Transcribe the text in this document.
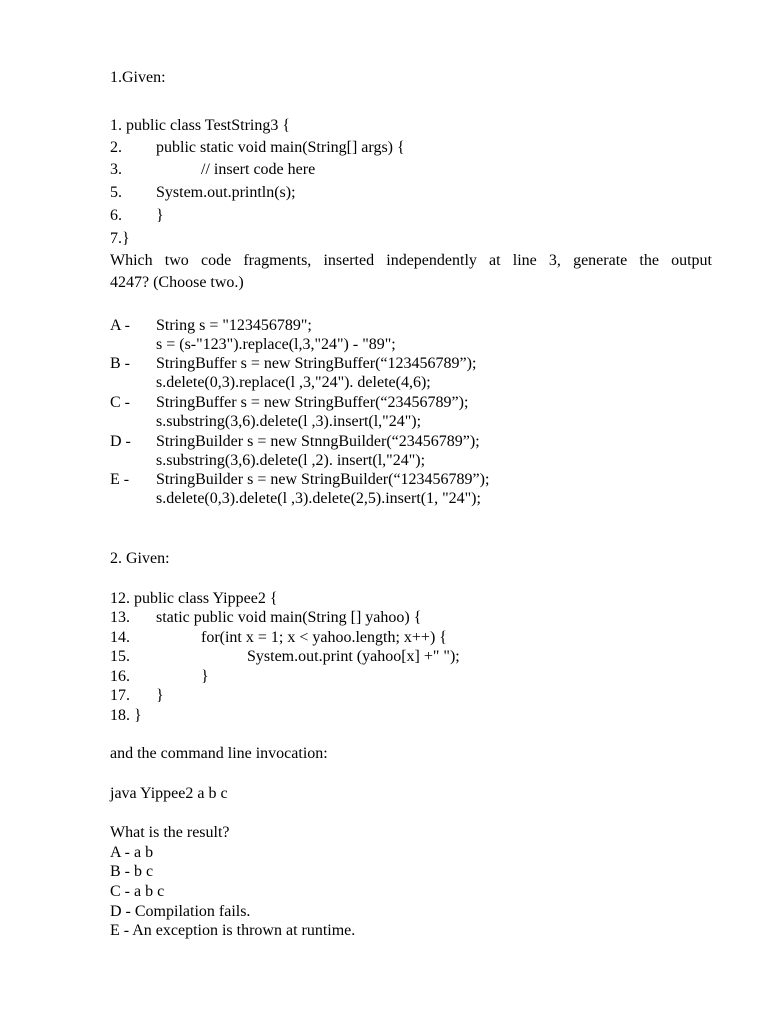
1.Given:
1. public class TestString3 {
2. public static void main(String[] args) {
3.	// insert code here
5. System.out.println(s);
6. }
7.}
Which two code fragments, inserted independently at line 3, generate the output
4247? (Choose two.)
A - String s = "123456789";
s = (s-"123").replace(l,3,"24") - "89";
B - StringBuffer s = new StringBuffer(“123456789”);
s.delete(0,3).replace(l ,3,"24"). delete(4,6);
C - StringBuffer s = new StringBuffer(“23456789”);
s.substring(3,6).delete(l ,3).insert(l,"24");
D - StringBuilder s = new StnngBuilder(“23456789”);
s.substring(3,6).delete(l ,2). insert(l,"24");
E - StringBuilder s = new StringBuilder(“123456789”);
s.delete(0,3).delete(l ,3).delete(2,5).insert(1, "24");
2. Given:
12. public class Yippee2 {
13. static public void main(String [] yahoo) {
14.	for(int x = 1; x < yahoo.length; x++) {
15.	System.out.print (yahoo[x] +" ");
16.	}
17. }
18. }
and the command line invocation:
java Yippee2 a b c
What is the result?
A - a b
B - b c
C - a b c
D - Compilation fails.
E - An exception is thrown at runtime.
